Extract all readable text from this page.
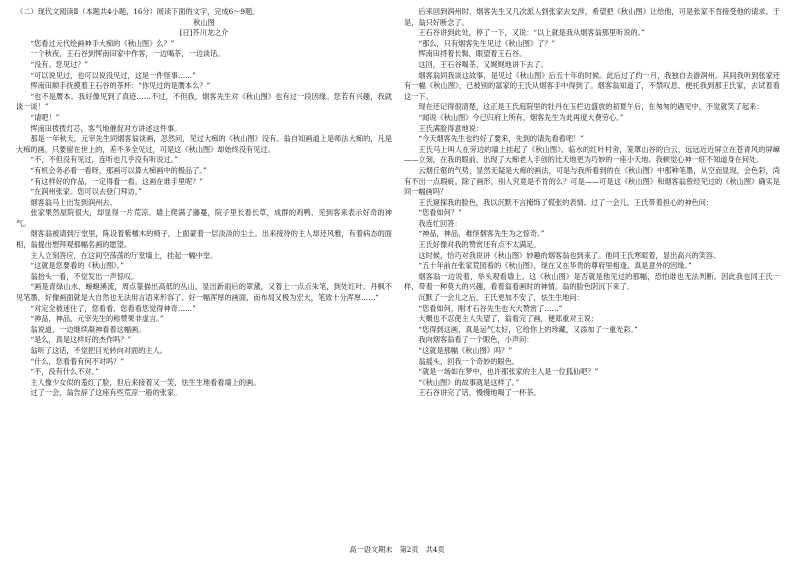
（二）现代文阅读Ⅱ（本题共4小题，16分）阅读下面的文字，完成6～9题。

秋山图

[日]芥川龙之介

“您看过元代绘画神手大痴的《秋山图》么？”

一个秋夜，王石谷到恽南田家中作客，一边喝茶，一边谈话。

“没有。您见过？”

“可以说见过，也可以说没见过，这是一件怪事……”

恽南田顺手抚摸着王石谷的茶杯：“你见过的是赝本么？”

“也不是赝本。我好像见到了真迹……不过，不但我，烟客先生对《秋山图》也有过一段因缘。您若有兴趣，我就谈一谈！”

“请吧！”

恽南田拨拨灯芯，客气地催促对方讲述这件事。

那是一年秋天，元宰先生同烟客翁谈画，忽然问，见过大痴的《秋山图》没有。翁自知画道上是师法大痴的，凡是大痴的画，只要留在世上的，差不多全见过，可是这《秋山图》却始终没有见过。

“不，不但没有见过，连听也几乎没有听说过。”

“有机会务必看一看呀，那画可以算大痴画中的极品了。”

“有这样好的作品，一定得看一看。这画在谁手里呢？”

“在润州张家。您可以去登门拜访。”

烟客翁马上出发到润州去。

张家果然屋院很大，却显得一片荒凉。墙上爬满了藤蔓，院子里长着长草，成群的鸡鸭，见到客来表示好奇的神气。

烟客翁被请到厅堂里，陈设着紫檀木的椅子，上面蒙着一层淡淡的尘土。出来接待的主人却还风雅，有着病态的面相，翁提出想拜观那幅名画的愿望。

主人立刻答应，在这间空荡荡的厅堂墙上，挂起一幅中堂。

“这就是您要看的《秋山图》。”

翁抬头一看，不觉发出一声惊叹。

“画是青绿山水，蜿蜒溪流，周点篆描出高低的丛山，显出新雨后的翠黛，又着上一点点朱笔，到处红叶。丹枫不见笔墨，好像画面就是大自然也无法用言语来形容了。好一幅浑厚的画面，而布局又极为宏大，笔致十分浑厚……”

“对定全被迷住了，您看看，您看看您觉得神奇……”

“神品，神品，元宰先生的称赞果非虚言。”

翁说道，一边继续凝神看着这幅画。

“是么，真是这样好的杰作吗？”

翁听了这话，不觉把目光转向对面的主人。

“什么，您看着有何不对吗？”

“不，没有什么不对。”

主人像少女似的羞红了脸，但后来接着又一笑，怯生生地看看墙上的画。

过了一会，翁告辞了这座有些荒凉一般的张家。

后来回到润州时，烟客先生又几次派人到张家去交涉，希望把《秋山图》让给他，可是张家不肯接受他的请求。于是，翁只好断念了。

王石谷讲到此处，停了一下，又说：“以上就是我从烟客翁那里听说的。”

“那么，只有烟客先生见过《秋山图》了？”

恽南田捋着长髯，眼望着王石谷。

这回，王石谷喝茶，又娓娓地讲下去了。

烟客翁同我谈这故事，是见过《秋山图》后五十年的时候。此后过了约一月，我独自去游润州。其间我听到张家还有一幅《秋山图》，已被别的富家的王氏从烟客手中得到了。烟客翁知道了，不禁叹息，便托我到那王氏家，去试着看这一下。

现在还记得很清楚，这正是王氏庭院里的牡丹在玉栏边盛放的初夏午后，在匆匆的遇见中，不觉就笑了起来：

“闻说《秋山图》今已归府上所有，烟客先生为此再度大费劳心。”

王氏满脸得意地说：

“今天烟客先生也约好了要来，先到的请先看看吧！”

王氏马上叫人在旁边的墙上挂起了《秋山图》。临水的红叶村舍，笼罩山谷的白云，远远近近屏立在苍青风的屏嶂——立刻，在我的眼前，出现了大痴老人手创的比天地更为巧妙的一座小天地。我顿觉心神一旺不知道身在何处。

云烟丘壑的气势，显然无疑是大痴的画法，可是与我所看到的在《秋山图》中那种笔墨，从空而显现，会色彩，尚有不出一点瑕疵。除了画形，别人究竟是不肯的么？可是——可是这《秋山图》和烟客翁曾经见过的《秋山图》确实是同一幅画吗？

王氏窥探我的脸色，我以沉默不言掩饰了慌张的表情。过了一会儿，王氏带着担心的神色问：

“您看如何？”

我连忙回答：

“神品，神品，难怪烟客先生为之惊奇。”

王氏好像对我的赞赏还有点不太满足。

这时候，恰巧对我说讲《秋山图》妙趣的烟客翁也到来了。他同王氏寒暄着，显出高兴的笑容。

“五十年前在张家荒园看的《秋山图》，现在又在华贵的尊府里相逢。真是意外的因缘。”

烟客翁一边说着，举头观看墙上。这《秋山图》是否就是他见过的那幅，恐怕谁也无法判断。因此我也同王氏一样，带着一种莫大的兴趣，看着翁看画时的神情。翁的脸色阴沉下来了。

沉默了一会儿之后，王氏更加不安了，怯生生地问：

“您看如何，刚才石谷先生也大大赞赏了……”

大概也不忍使主人失望了，翁看完了画，便郑重对王说：

“您得到这画，真是运气太好，它给你上的珍藏，又添加了一重光彩。”

我向烟客翁看了一个眼色，小声问：

“这就是那幅《秋山图》吗？”

翁摇头，回我一个奇妙的眼色。

“就是一场如在梦中，也许那张家的主人是一位狐仙吧？”

“《秋山图》的故事就是这样了。”

王石谷讲完了话，慢慢地喝了一杯茶。

高一语文期末　第2页　共4页
